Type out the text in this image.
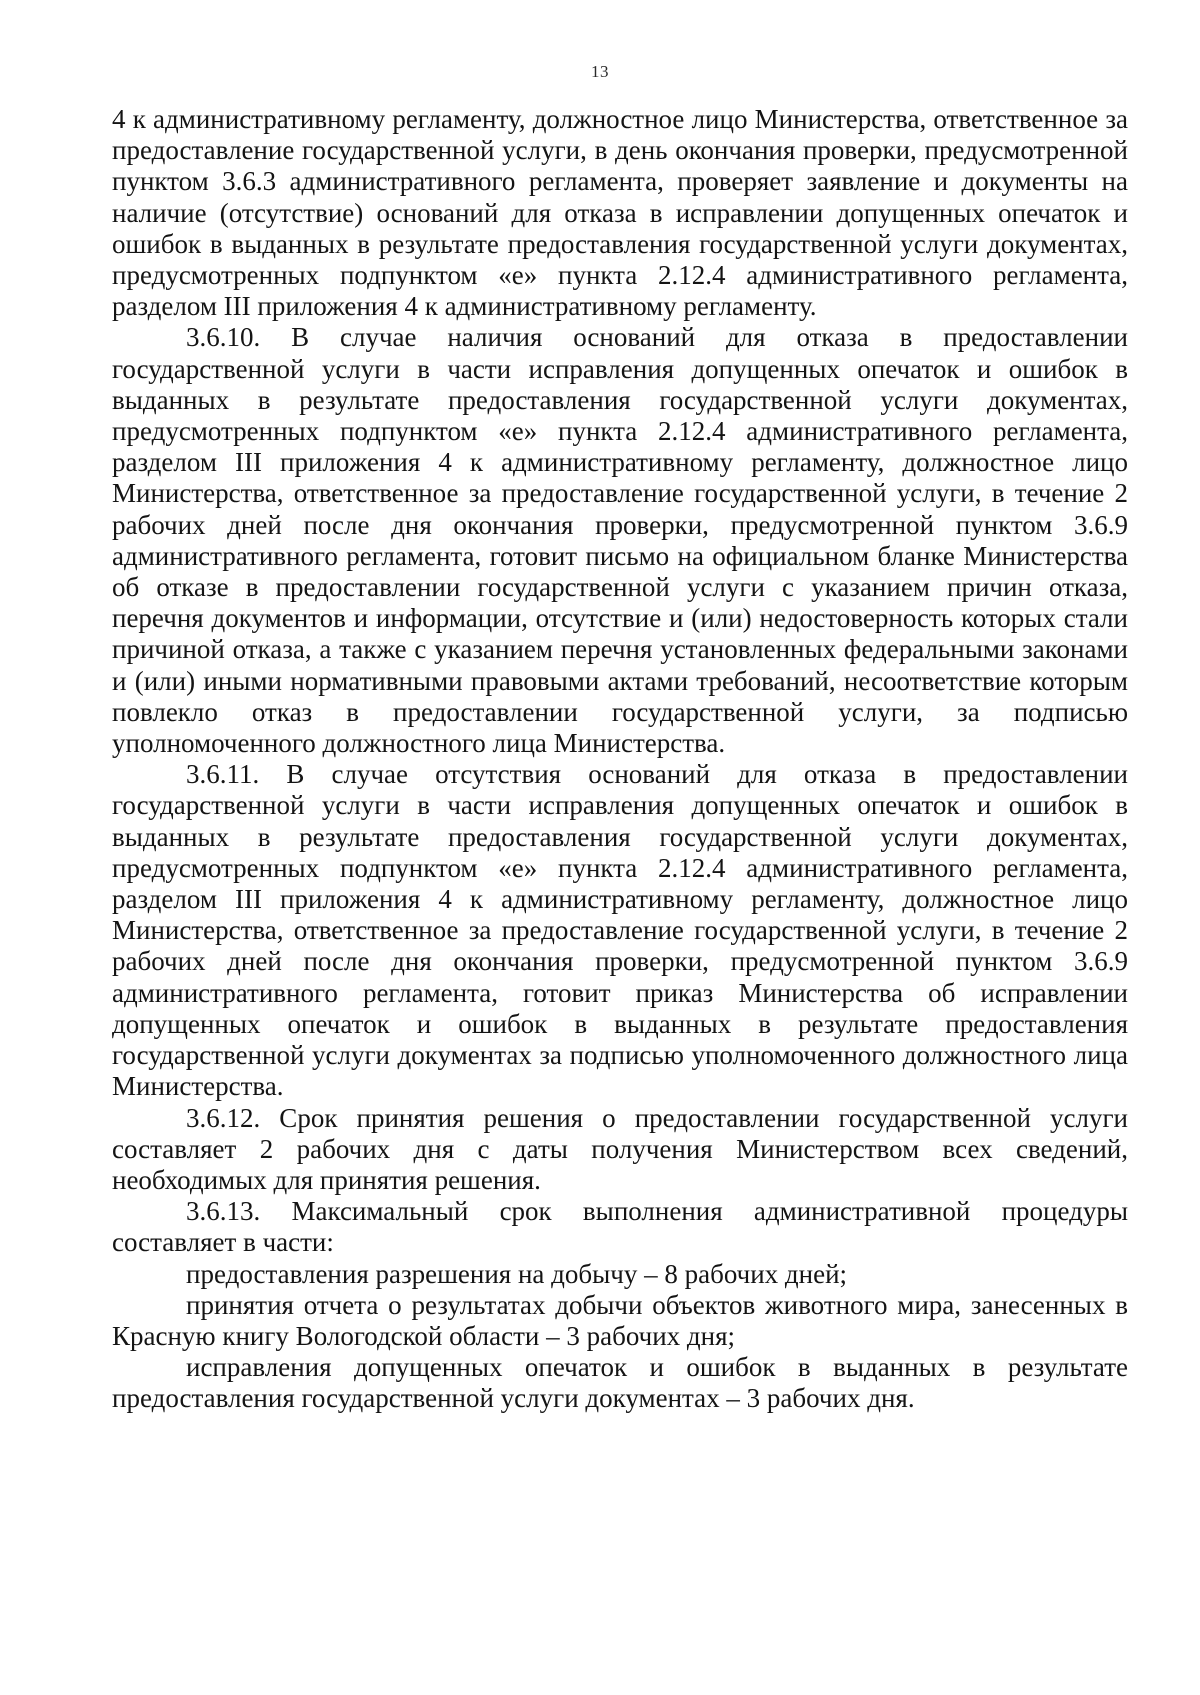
13

4 к административному регламенту, должностное лицо Министерства, ответственное за предоставление государственной услуги, в день окончания проверки, предусмотренной пунктом 3.6.3 административного регламента, проверяет заявление и документы на наличие (отсутствие) оснований для отказа в исправлении допущенных опечаток и ошибок в выданных в результате предоставления государственной услуги документах, предусмотренных подпунктом «е» пункта 2.12.4 административного регламента, разделом III приложения 4 к административному регламенту.

3.6.10. В случае наличия оснований для отказа в предоставлении государственной услуги в части исправления допущенных опечаток и ошибок в выданных в результате предоставления государственной услуги документах, предусмотренных подпунктом «е» пункта 2.12.4 административного регламента, разделом III приложения 4 к административному регламенту, должностное лицо Министерства, ответственное за предоставление государственной услуги, в течение 2 рабочих дней после дня окончания проверки, предусмотренной пунктом 3.6.9 административного регламента, готовит письмо на официальном бланке Министерства об отказе в предоставлении государственной услуги с указанием причин отказа, перечня документов и информации, отсутствие и (или) недостоверность которых стали причиной отказа, а также с указанием перечня установленных федеральными законами и (или) иными нормативными правовыми актами требований, несоответствие которым повлекло отказ в предоставлении государственной услуги, за подписью уполномоченного должностного лица Министерства.

3.6.11. В случае отсутствия оснований для отказа в предоставлении государственной услуги в части исправления допущенных опечаток и ошибок в выданных в результате предоставления государственной услуги документах, предусмотренных подпунктом «е» пункта 2.12.4 административного регламента, разделом III приложения 4 к административному регламенту, должностное лицо Министерства, ответственное за предоставление государственной услуги, в течение 2 рабочих дней после дня окончания проверки, предусмотренной пунктом 3.6.9 административного регламента, готовит приказ Министерства об исправлении допущенных опечаток и ошибок в выданных в результате предоставления государственной услуги документах за подписью уполномоченного должностного лица Министерства.

3.6.12. Срок принятия решения о предоставлении государственной услуги составляет 2 рабочих дня с даты получения Министерством всех сведений, необходимых для принятия решения.

3.6.13. Максимальный срок выполнения административной процедуры составляет в части:

предоставления разрешения на добычу – 8 рабочих дней;

принятия отчета о результатах добычи объектов животного мира, занесенных в Красную книгу Вологодской области – 3 рабочих дня;

исправления допущенных опечаток и ошибок в выданных в результате предоставления государственной услуги документах – 3 рабочих дня.
